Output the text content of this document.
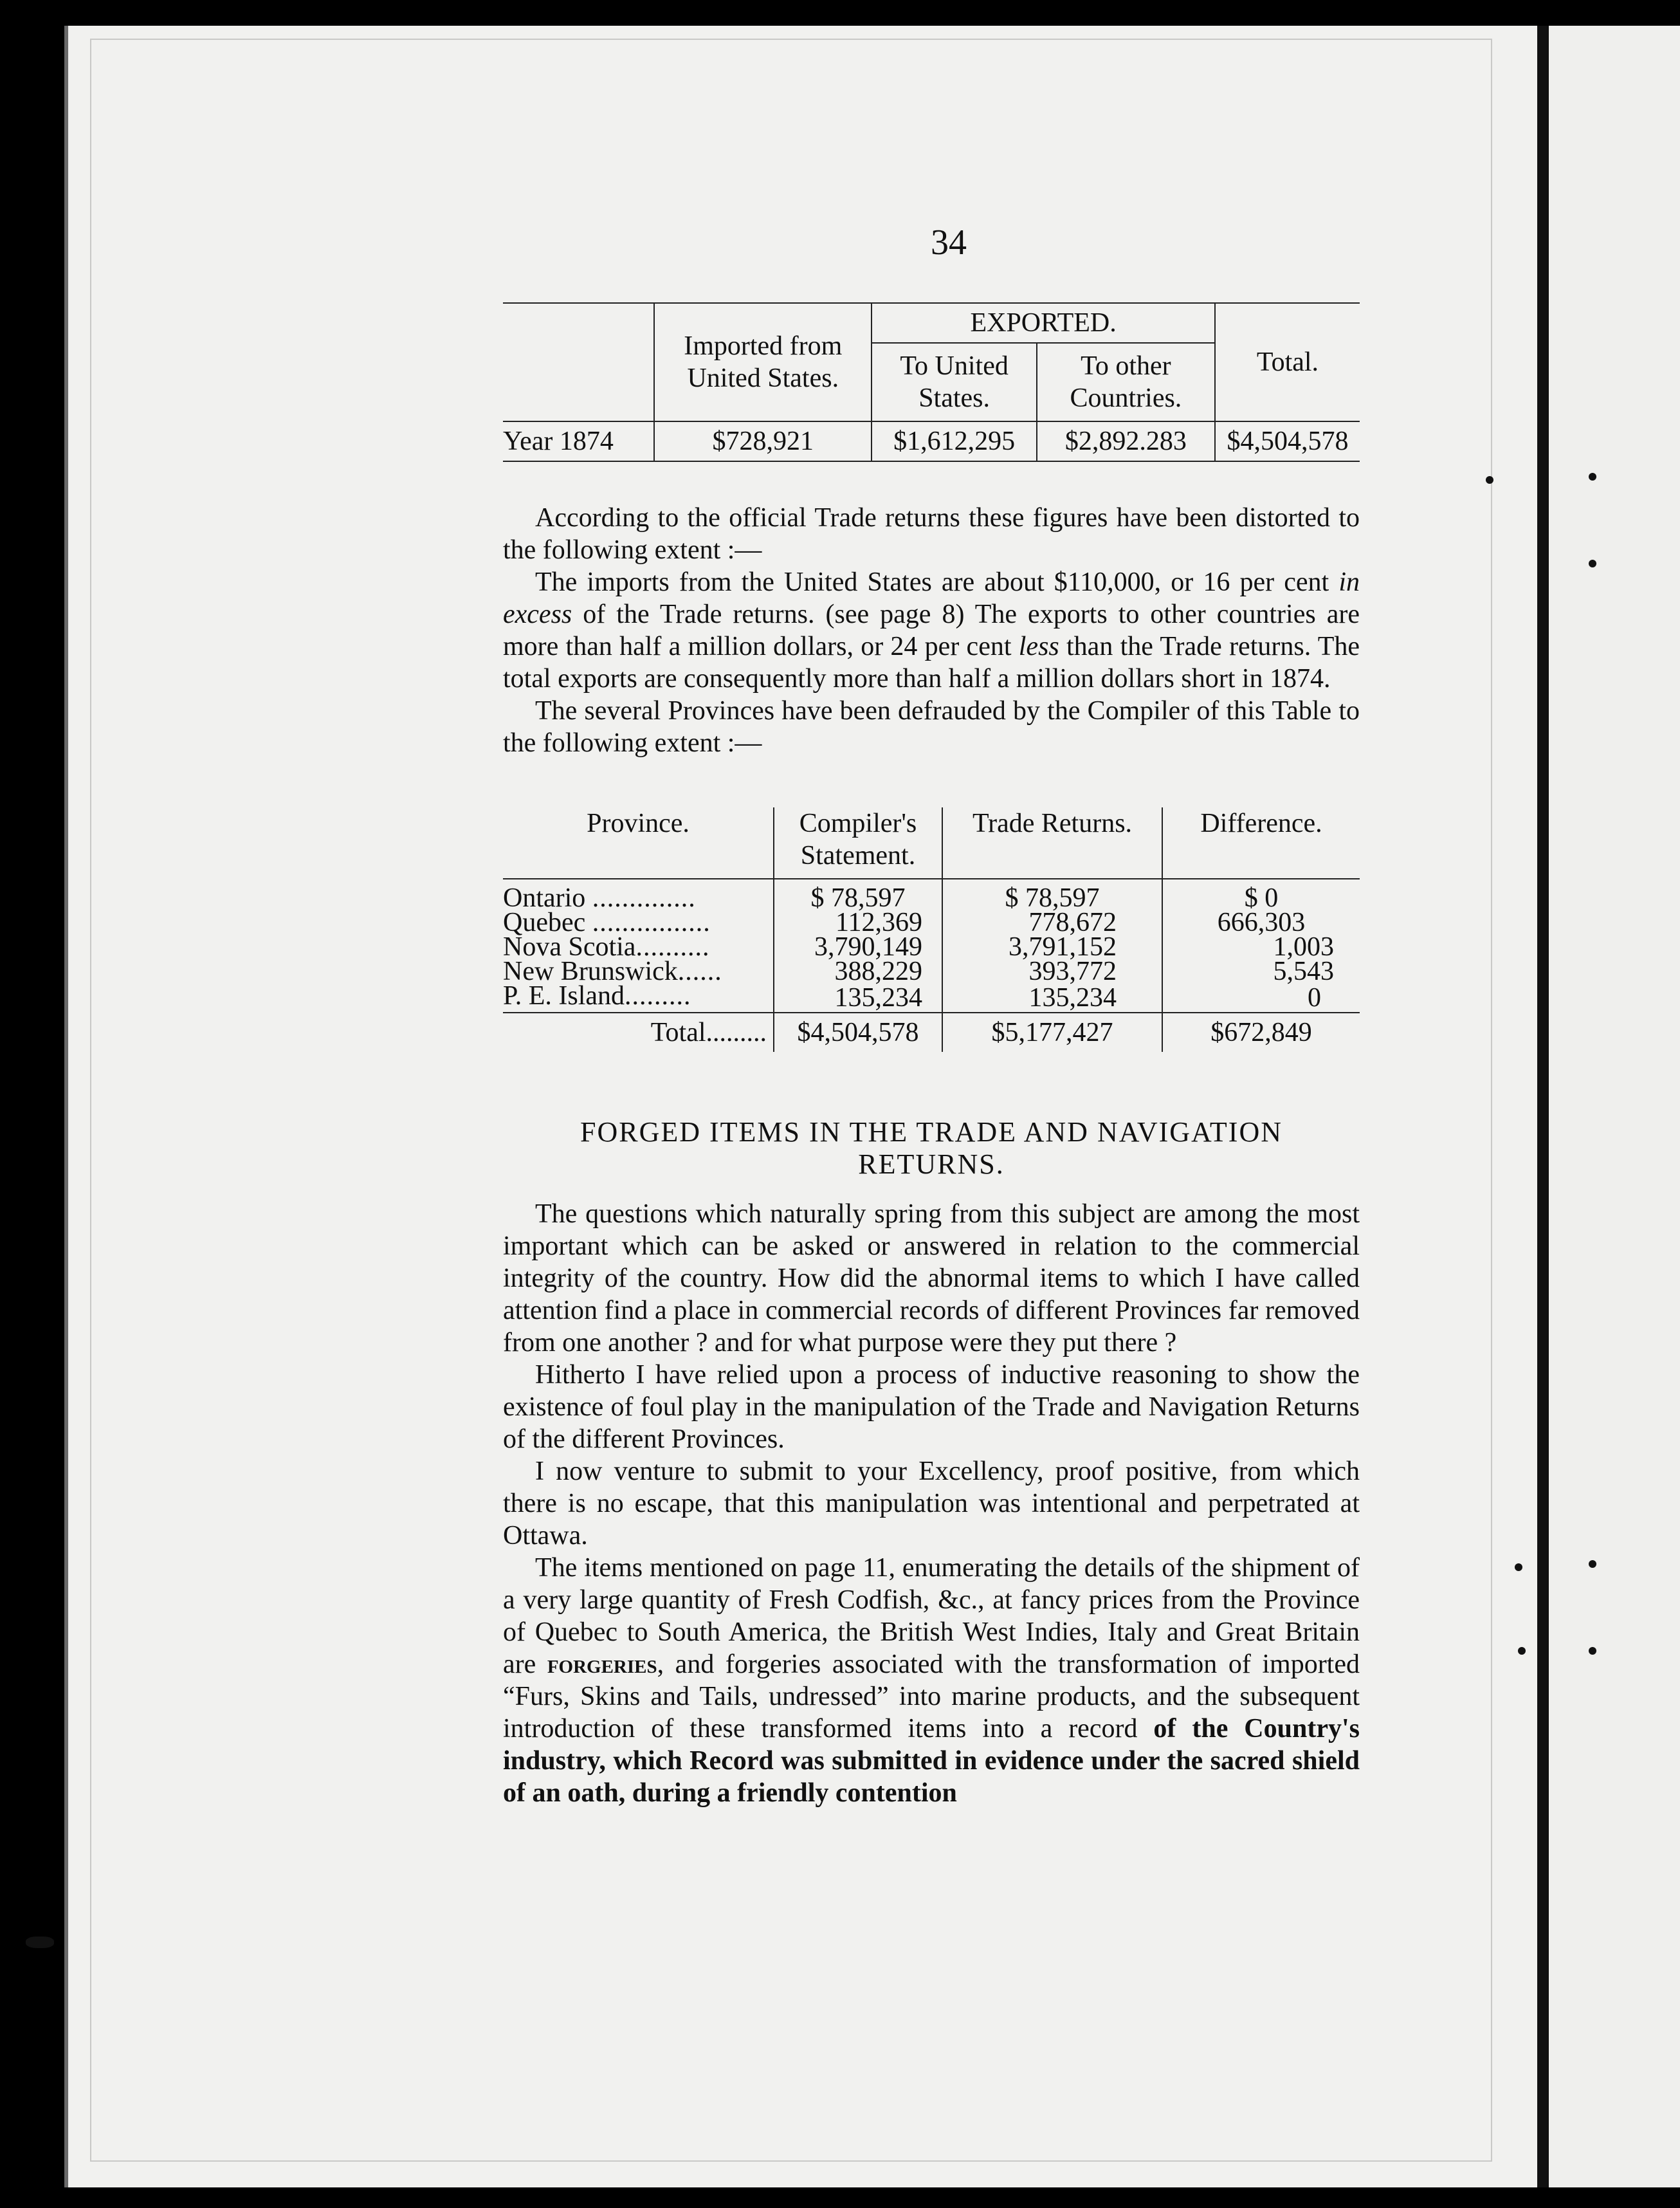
34
	Imported from United States.	EXPORTED.		Total.
		To United States.	To other Countries.	
Year 1874	$728,921	$1,612,295	$2,892.283	$4,504,578

According to the official Trade returns these figures have been distorted to the following extent :—

The imports from the United States are about $110,000, or 16 per cent in excess of the Trade returns. (see page 8) The exports to other countries are more than half a million dollars, or 24 per cent less than the Trade returns. The total exports are consequently more than half a million dollars short in 1874.

The several Provinces have been defrauded by the Compiler of this Table to the following extent :—

Province.	Compiler's Statement.	Trade Returns.	Difference.
Ontario ..............	$ 78,597	$ 78,597	$ 0
Quebec ................	112,369	778,672	666,303
Nova Scotia..........	3,790,149	3,791,152	1,003
New Brunswick......	388,229	393,772	5,543
P. E. Island.........	135,234	135,234	0
Total.........	$4,504,578	$5,177,427	$672,849
FORGED ITEMS IN THE TRADE AND NAVIGATION RETURNS.

The questions which naturally spring from this subject are among the most important which can be asked or answered in relation to the commercial integrity of the country. How did the abnormal items to which I have called attention find a place in commercial records of different Provinces far removed from one another ? and for what purpose were they put there ?

Hitherto I have relied upon a process of inductive reasoning to show the existence of foul play in the manipulation of the Trade and Navigation Returns of the different Provinces.

I now venture to submit to your Excellency, proof positive, from which there is no escape, that this manipulation was intentional and perpetrated at Ottawa.

The items mentioned on page 11, enumerating the details of the shipment of a very large quantity of Fresh Codfish, &c., at fancy prices from the Province of Quebec to South America, the British West Indies, Italy and Great Britain are forgeries, and forgeries associated with the transformation of imported “Furs, Skins and Tails, undressed” into marine products, and the subsequent introduction of these transformed items into a record of the Country's industry, which Record was submitted in evidence under the sacred shield of an oath, during a friendly contention
